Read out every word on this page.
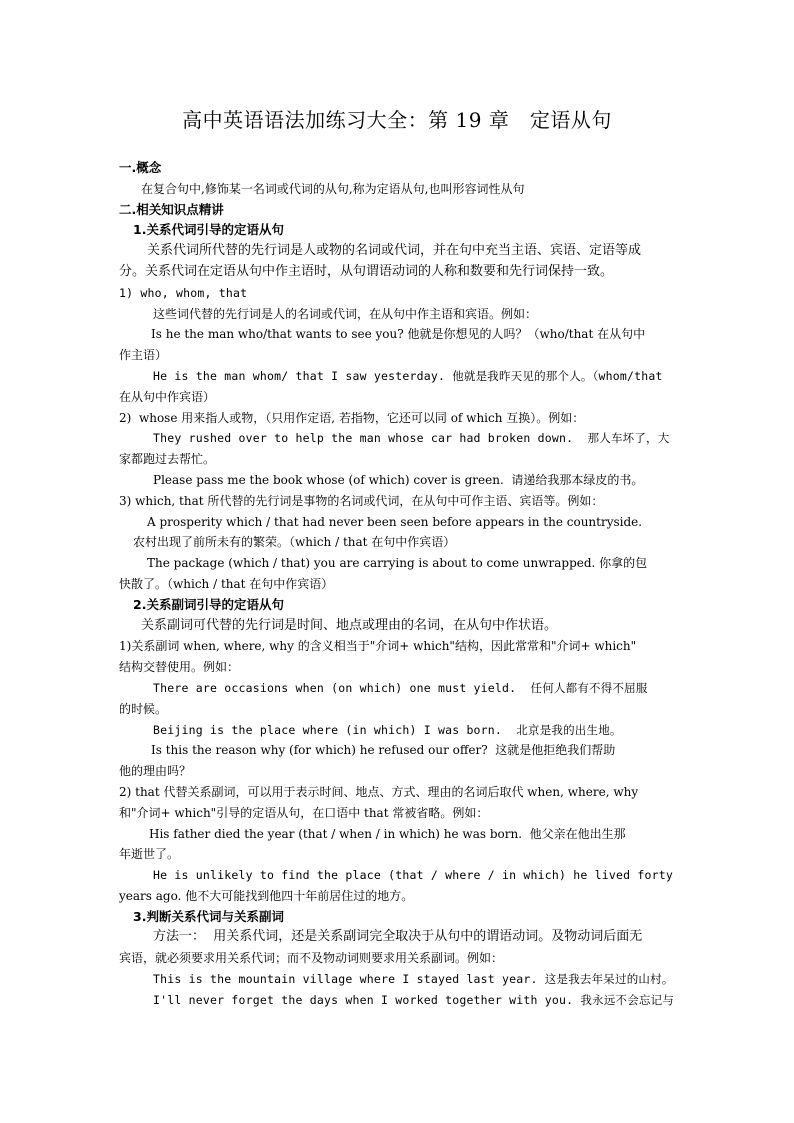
高中英语语法加练习大全：第 19 章　定语从句

一.概念

在复合句中,修饰某一名词或代词的从句,称为定语从句,也叫形容词性从句

二.相关知识点精讲

1.关系代词引导的定语从句

关系代词所代替的先行词是人或物的名词或代词，并在句中充当主语、宾语、定语等成

分。关系代词在定语从句中作主语时，从句谓语动词的人称和数要和先行词保持一致。

1) who, whom, that

这些词代替的先行词是人的名词或代词，在从句中作主语和宾语。例如：

Is he the man who/that wants to see you? 他就是你想见的人吗？（who/that 在从句中

作主语）

He is the man whom/ that I saw yesterday. 他就是我昨天见的那个人。（whom/that

在从句中作宾语）

2)  whose 用来指人或物，（只用作定语, 若指物，它还可以同 of which 互换）。例如：

They rushed over to help the man whose car had broken down.  那人车坏了，大

家都跑过去帮忙。

Please pass me the book whose (of which) cover is green.  请递给我那本绿皮的书。

3) which, that 所代替的先行词是事物的名词或代词，在从句中可作主语、宾语等。例如：

A prosperity which / that had never been seen before appears in the countryside.

农村出现了前所未有的繁荣。（which / that 在句中作宾语）

The package (which / that) you are carrying is about to come unwrapped. 你拿的包

快散了。（which / that 在句中作宾语）

2.关系副词引导的定语从句

关系副词可代替的先行词是时间、地点或理由的名词，在从句中作状语。

1)关系副词 when, where, why 的含义相当于"介词+ which"结构，因此常常和"介词+ which"

结构交替使用。例如：

There are occasions when (on which) one must yield.  任何人都有不得不屈服

的时候。

Beijing is the place where (in which) I was born.  北京是我的出生地。

Is this the reason why (for which) he refused our offer?  这就是他拒绝我们帮助

他的理由吗？

2) that 代替关系副词，可以用于表示时间、地点、方式、理由的名词后取代 when, where, why

和"介词+ which"引导的定语从句，在口语中 that 常被省略。例如：

His father died the year (that / when / in which) he was born.  他父亲在他出生那

年逝世了。

He is unlikely to find the place (that / where / in which) he lived forty

years ago. 他不大可能找到他四十年前居住过的地方。

3.判断关系代词与关系副词

方法一：  用关系代词，还是关系副词完全取决于从句中的谓语动词。及物动词后面无

宾语，就必须要求用关系代词；而不及物动词则要求用关系副词。例如：

This is the mountain village where I stayed last year. 这是我去年呆过的山村。

I'll never forget the days when I worked together with you. 我永远不会忘记与
